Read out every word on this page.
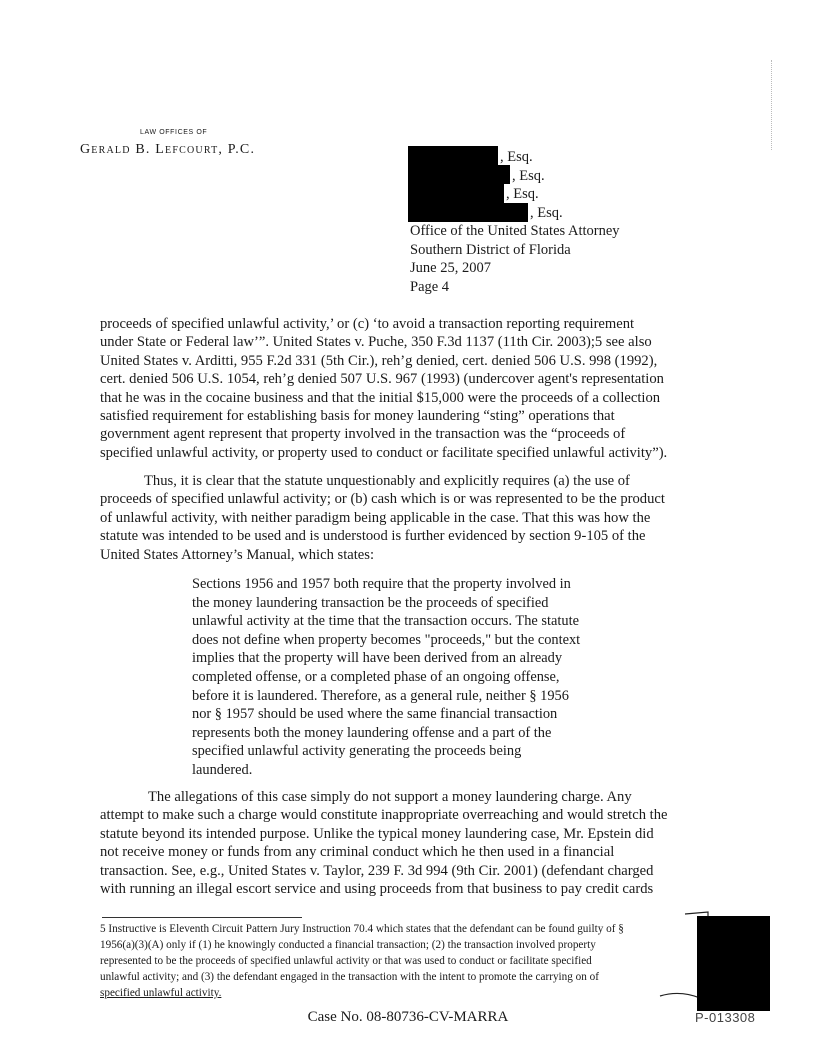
LAW OFFICES OF
Gerald B. Lefcourt, P.C.	, Esq.
, Esq.
, Esq.
, Esq.
Office of the United States Attorney
Southern District of Florida
June 25, 2007
Page 4
proceeds of specified unlawful activity,’ or (c) ‘to avoid a transaction reporting requirement
under State or Federal law’”. United States v. Puche, 350 F.3d 1137 (11th Cir. 2003);5 see also
United States v. Arditti, 955 F.2d 331 (5th Cir.), reh’g denied, cert. denied 506 U.S. 998 (1992),
cert. denied 506 U.S. 1054, reh’g denied 507 U.S. 967 (1993) (undercover agent's representation
that he was in the cocaine business and that the initial $15,000 were the proceeds of a collection
satisfied requirement for establishing basis for money laundering “sting” operations that
government agent represent that property involved in the transaction was the “proceeds of
specified unlawful activity, or property used to conduct or facilitate specified unlawful activity”).
Thus, it is clear that the statute unquestionably and explicitly requires (a) the use of
proceeds of specified unlawful activity; or (b) cash which is or was represented to be the product
of unlawful activity, with neither paradigm being applicable in the case. That this was how the
statute was intended to be used and is understood is further evidenced by section 9-105 of the
United States Attorney’s Manual, which states:
Sections 1956 and 1957 both require that the property involved in
the money laundering transaction be the proceeds of specified
unlawful activity at the time that the transaction occurs. The statute
does not define when property becomes "proceeds," but the context
implies that the property will have been derived from an already
completed offense, or a completed phase of an ongoing offense,
before it is laundered. Therefore, as a general rule, neither § 1956
nor § 1957 should be used where the same financial transaction
represents both the money laundering offense and a part of the
specified unlawful activity generating the proceeds being
laundered.
The allegations of this case simply do not support a money laundering charge. Any
attempt to make such a charge would constitute inappropriate overreaching and would stretch the
statute beyond its intended purpose. Unlike the typical money laundering case, Mr. Epstein did
not receive money or funds from any criminal conduct which he then used in a financial
transaction. See, e.g., United States v. Taylor, 239 F. 3d 994 (9th Cir. 2001) (defendant charged
with running an illegal escort service and using proceeds from that business to pay credit cards
5 Instructive is Eleventh Circuit Pattern Jury Instruction 70.4 which states that the defendant can be found guilty of §
1956(a)(3)(A) only if (1) he knowingly conducted a financial transaction; (2) the transaction involved property
represented to be the proceeds of specified unlawful activity or that was used to conduct or facilitate specified
unlawful activity; and (3) the defendant engaged in the transaction with the intent to promote the carrying on of
specified unlawful activity.
P-013308
Case No. 08-80736-CV-MARRA
